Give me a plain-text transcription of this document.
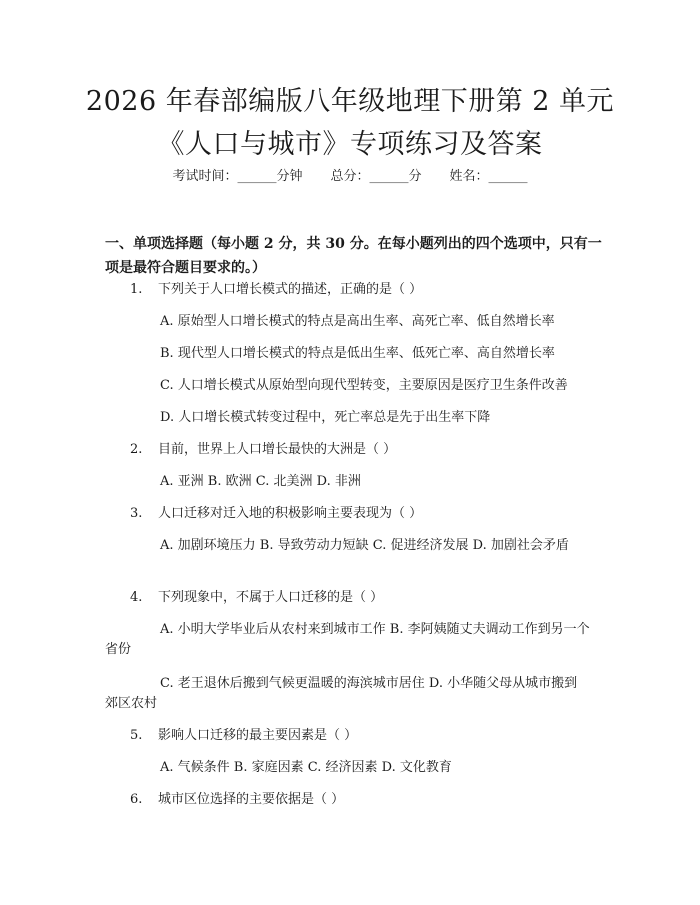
2026 年春部编版八年级地理下册第 2 单元
《人口与城市》专项练习及答案
考试时间：______分钟 总分：______分 姓名：______
一、单项选择题（每小题 2 分，共 30 分。在每小题列出的四个选项中，只有一项是最符合题目要求的。）
1. 下列关于人口增长模式的描述，正确的是（ ）
A. 原始型人口增长模式的特点是高出生率、高死亡率、低自然增长率
B. 现代型人口增长模式的特点是低出生率、低死亡率、高自然增长率
C. 人口增长模式从原始型向现代型转变，主要原因是医疗卫生条件改善
D. 人口增长模式转变过程中，死亡率总是先于出生率下降
2. 目前，世界上人口增长最快的大洲是（ ）
A. 亚洲 B. 欧洲 C. 北美洲 D. 非洲
3. 人口迁移对迁入地的积极影响主要表现为（ ）
A. 加剧环境压力 B. 导致劳动力短缺 C. 促进经济发展 D. 加剧社会矛盾
4. 下列现象中，不属于人口迁移的是（ ）
A. 小明大学毕业后从农村来到城市工作 B. 李阿姨随丈夫调动工作到另一个省份
C. 老王退休后搬到气候更温暖的海滨城市居住 D. 小华随父母从城市搬到郊区农村
5. 影响人口迁移的最主要因素是（ ）
A. 气候条件 B. 家庭因素 C. 经济因素 D. 文化教育
6. 城市区位选择的主要依据是（ ）
